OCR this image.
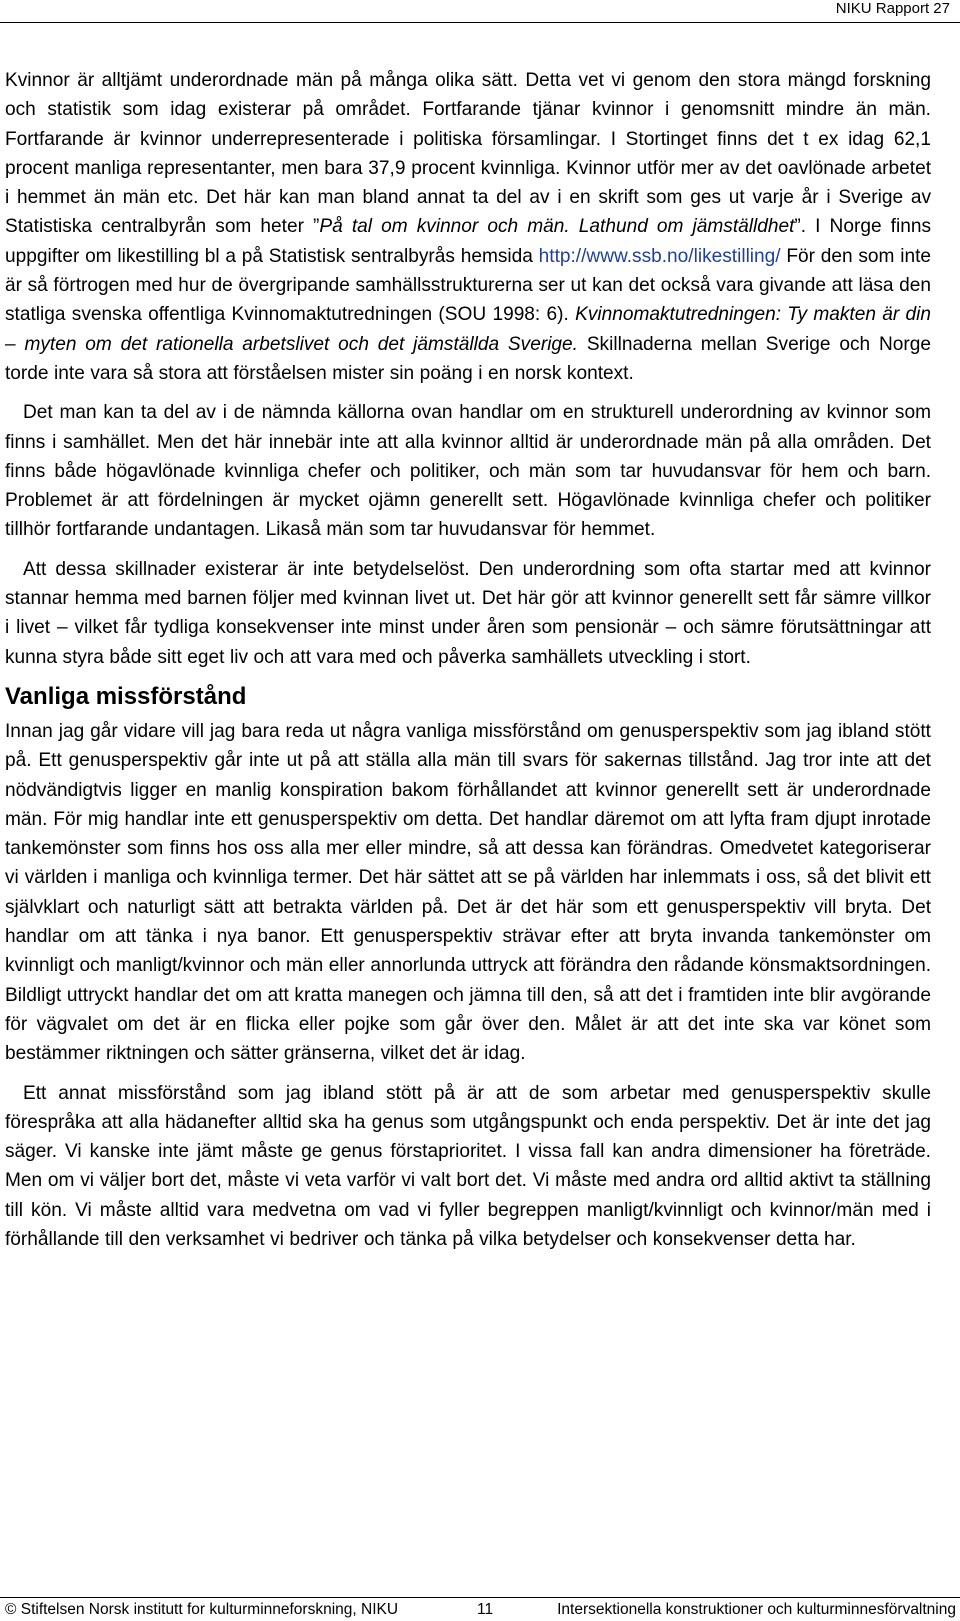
NIKU Rapport 27

Kvinnor är alltjämt underordnade män på många olika sätt. Detta vet vi genom den stora mängd forskning och statistik som idag existerar på området. Fortfarande tjänar kvinnor i genomsnitt mindre än män. Fortfarande är kvinnor underrepresenterade i politiska församlingar. I Stortinget finns det t ex idag 62,1 procent manliga representanter, men bara 37,9 procent kvinnliga. Kvinnor utför mer av det oavlönade arbetet i hemmet än män etc. Det här kan man bland annat ta del av i en skrift som ges ut varje år i Sverige av Statistiska centralbyrån som heter ”På tal om kvinnor och män. Lathund om jämställdhet”. I Norge finns uppgifter om likestilling bl a på Statistisk sentralbyrås hemsida http://www.ssb.no/likestilling/ För den som inte är så förtrogen med hur de övergripande samhällsstrukturerna ser ut kan det också vara givande att läsa den statliga svenska offentliga Kvinnomaktutredningen (SOU 1998: 6). Kvinnomaktutredningen: Ty makten är din – myten om det rationella arbetslivet och det jämställda Sverige. Skillnaderna mellan Sverige och Norge torde inte vara så stora att förståelsen mister sin poäng i en norsk kontext.

Det man kan ta del av i de nämnda källorna ovan handlar om en strukturell underordning av kvinnor som finns i samhället. Men det här innebär inte att alla kvinnor alltid är underordnade män på alla områden. Det finns både högavlönade kvinnliga chefer och politiker, och män som tar huvudansvar för hem och barn. Problemet är att fördelningen är mycket ojämn generellt sett. Högavlönade kvinnliga chefer och politiker tillhör fortfarande undantagen. Likaså män som tar huvudansvar för hemmet.

Att dessa skillnader existerar är inte betydelselöst. Den underordning som ofta startar med att kvinnor stannar hemma med barnen följer med kvinnan livet ut. Det här gör att kvinnor generellt sett får sämre villkor i livet – vilket får tydliga konsekvenser inte minst under åren som pensionär – och sämre förutsättningar att kunna styra både sitt eget liv och att vara med och påverka samhällets utveckling i stort.

Vanliga missförstånd

Innan jag går vidare vill jag bara reda ut några vanliga missförstånd om genusperspektiv som jag ibland stött på. Ett genusperspektiv går inte ut på att ställa alla män till svars för sakernas tillstånd. Jag tror inte att det nödvändigtvis ligger en manlig konspiration bakom förhållandet att kvinnor generellt sett är underordnade män. För mig handlar inte ett genusperspektiv om detta. Det handlar däremot om att lyfta fram djupt inrotade tankemönster som finns hos oss alla mer eller mindre, så att dessa kan förändras. Omedvetet kategoriserar vi världen i manliga och kvinnliga termer. Det här sättet att se på världen har inlemmats i oss, så det blivit ett självklart och naturligt sätt att betrakta världen på. Det är det här som ett genusperspektiv vill bryta. Det handlar om att tänka i nya banor. Ett genusperspektiv strävar efter att bryta invanda tankemönster om kvinnligt och manligt/kvinnor och män eller annorlunda uttryck att förändra den rådande könsmaktsordningen. Bildligt uttryckt handlar det om att kratta manegen och jämna till den, så att det i framtiden inte blir avgörande för vägvalet om det är en flicka eller pojke som går över den. Målet är att det inte ska var könet som bestämmer riktningen och sätter gränserna, vilket det är idag.

Ett annat missförstånd som jag ibland stött på är att de som arbetar med genusperspektiv skulle förespråka att alla hädanefter alltid ska ha genus som utgångspunkt och enda perspektiv. Det är inte det jag säger. Vi kanske inte jämt måste ge genus förstaprioritet. I vissa fall kan andra dimensioner ha företräde. Men om vi väljer bort det, måste vi veta varför vi valt bort det. Vi måste med andra ord alltid aktivt ta ställning till kön. Vi måste alltid vara medvetna om vad vi fyller begreppen manligt/kvinnligt och kvinnor/män med i förhållande till den verksamhet vi bedriver och tänka på vilka betydelser och konsekvenser detta har.

© Stiftelsen Norsk institutt for kulturminneforskning, NIKU	11	Intersektionella konstruktioner och kulturminnesförvaltning
